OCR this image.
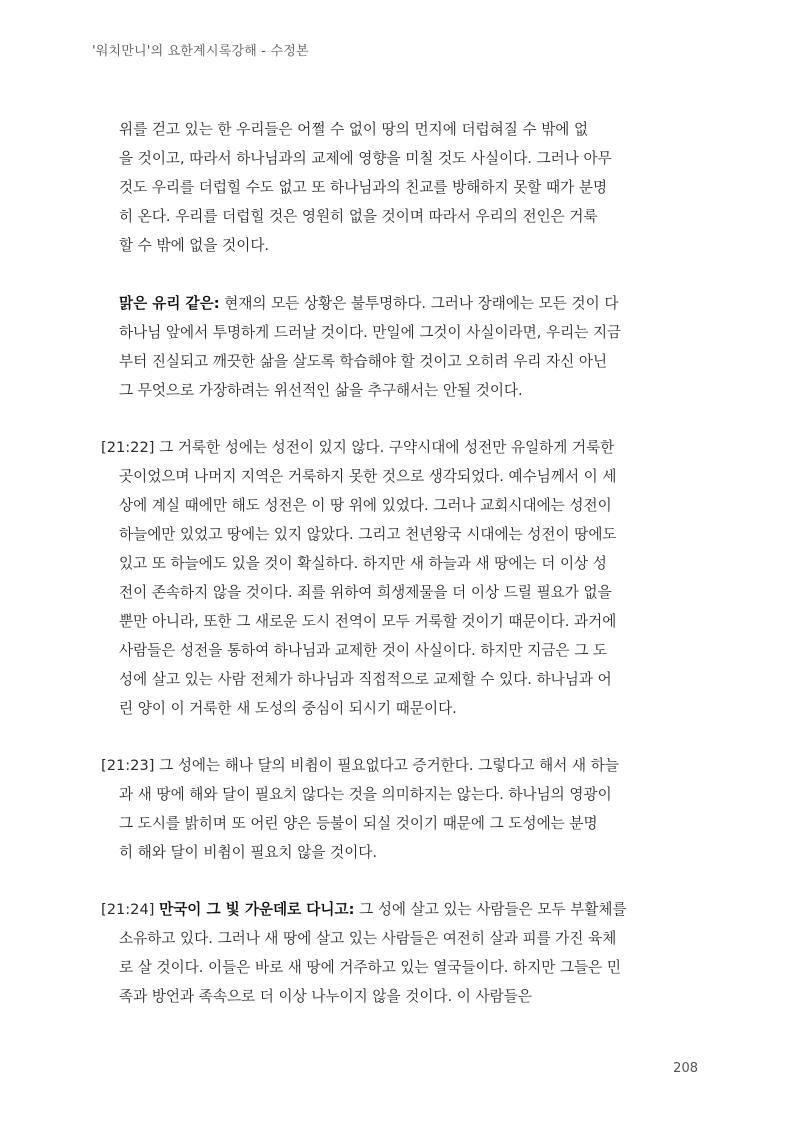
'워치만니'의 요한계시록강해 - 수정본
위를 걷고 있는 한 우리들은 어쩔 수 없이 땅의 먼지에 더럽혀질 수 밖에 없
을 것이고, 따라서 하나님과의 교제에 영향을 미칠 것도 사실이다. 그러나 아무
것도 우리를 더럽힐 수도 없고 또 하나님과의 친교를 방해하지 못할 때가 분명
히 온다. 우리를 더럽힐 것은 영원히 없을 것이며 따라서 우리의 전인은 거룩
할 수 밖에 없을 것이다.
맑은 유리 같은: 현재의 모든 상황은 불투명하다. 그러나 장래에는 모든 것이 다
하나님 앞에서 투명하게 드러날 것이다. 만일에 그것이 사실이라면, 우리는 지금
부터 진실되고 깨끗한 삶을 살도록 학습해야 할 것이고 오히려 우리 자신 아닌
그 무엇으로 가장하려는 위선적인 삶을 추구해서는 안될 것이다.
[21:22] 그 거룩한 성에는 성전이 있지 않다. 구약시대에 성전만 유일하게 거룩한
곳이었으며 나머지 지역은 거룩하지 못한 것으로 생각되었다. 예수님께서 이 세
상에 계실 때에만 해도 성전은 이 땅 위에 있었다. 그러나 교회시대에는 성전이
하늘에만 있었고 땅에는 있지 않았다. 그리고 천년왕국 시대에는 성전이 땅에도
있고 또 하늘에도 있을 것이 확실하다. 하지만 새 하늘과 새 땅에는 더 이상 성
전이 존속하지 않을 것이다. 죄를 위하여 희생제물을 더 이상 드릴 필요가 없을
뿐만 아니라, 또한 그 새로운 도시 전역이 모두 거룩할 것이기 때문이다. 과거에
사람들은 성전을 통하여 하나님과 교제한 것이 사실이다. 하지만 지금은 그 도
성에 살고 있는 사람 전체가 하나님과 직접적으로 교제할 수 있다. 하나님과 어
린 양이 이 거룩한 새 도성의 중심이 되시기 때문이다.
[21:23] 그 성에는 해나 달의 비췸이 필요없다고 증거한다. 그렇다고 해서 새 하늘
과 새 땅에 해와 달이 필요치 않다는 것을 의미하지는 않는다. 하나님의 영광이
그 도시를 밝히며 또 어린 양은 등불이 되실 것이기 때문에 그 도성에는 분명
히 해와 달이 비췸이 필요치 않을 것이다.
[21:24] 만국이 그 빛 가운데로 다니고: 그 성에 살고 있는 사람들은 모두 부활체를
소유하고 있다. 그러나 새 땅에 살고 있는 사람들은 여전히 살과 피를 가진 육체
로 살 것이다. 이들은 바로 새 땅에 거주하고 있는 열국들이다. 하지만 그들은 민
족과 방언과 족속으로 더 이상 나누이지 않을 것이다. 이 사람들은
208
